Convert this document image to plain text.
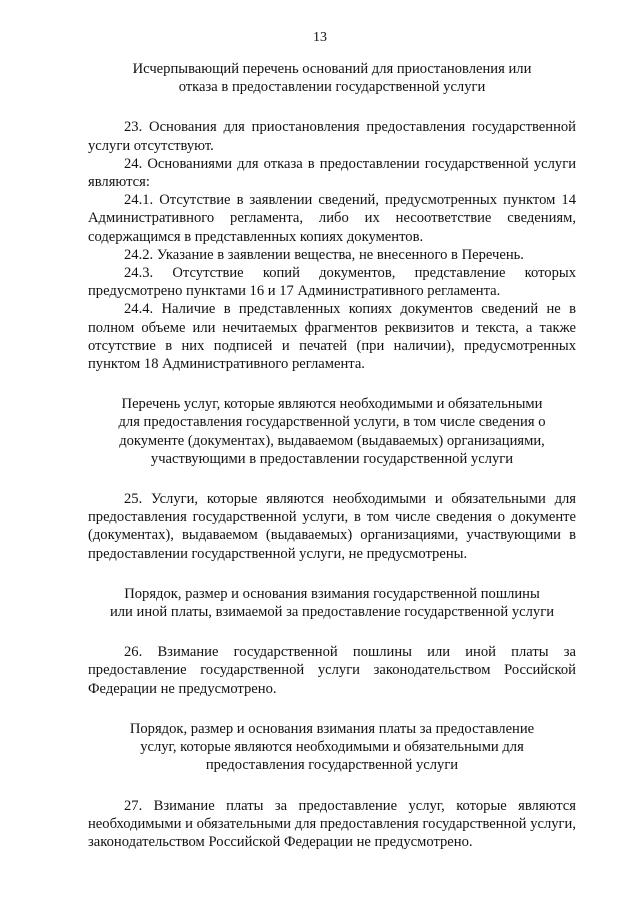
13
Исчерпывающий перечень оснований для приостановления или
отказа в предоставлении государственной услуги

23. Основания для приостановления предоставления государственной услуги отсутствуют.

24. Основаниями для отказа в предоставлении государственной услуги являются:

24.1. Отсутствие в заявлении сведений, предусмотренных пунктом 14 Административного регламента, либо их несоответствие сведениям, содержащимся в представленных копиях документов.

24.2. Указание в заявлении вещества, не внесенного в Перечень.

24.3. Отсутствие копий документов, представление которых предусмотрено пунктами 16 и 17 Административного регламента.

24.4. Наличие в представленных копиях документов сведений не в полном объеме или нечитаемых фрагментов реквизитов и текста, а также отсутствие в них подписей и печатей (при наличии), предусмотренных пунктом 18 Административного регламента.

Перечень услуг, которые являются необходимыми и обязательными
для предоставления государственной услуги, в том числе сведения о
документе (документах), выдаваемом (выдаваемых) организациями,
участвующими в предоставлении государственной услуги

25. Услуги, которые являются необходимыми и обязательными для предоставления государственной услуги, в том числе сведения о документе (документах), выдаваемом (выдаваемых) организациями, участвующими в предоставлении государственной услуги, не предусмотрены.

Порядок, размер и основания взимания государственной пошлины
или иной платы, взимаемой за предоставление государственной услуги

26. Взимание государственной пошлины или иной платы за предоставление государственной услуги законодательством Российской Федерации не предусмотрено.

Порядок, размер и основания взимания платы за предоставление
услуг, которые являются необходимыми и обязательными для
предоставления государственной услуги

27. Взимание платы за предоставление услуг, которые являются необходимыми и обязательными для предоставления государственной услуги, законодательством Российской Федерации не предусмотрено.
